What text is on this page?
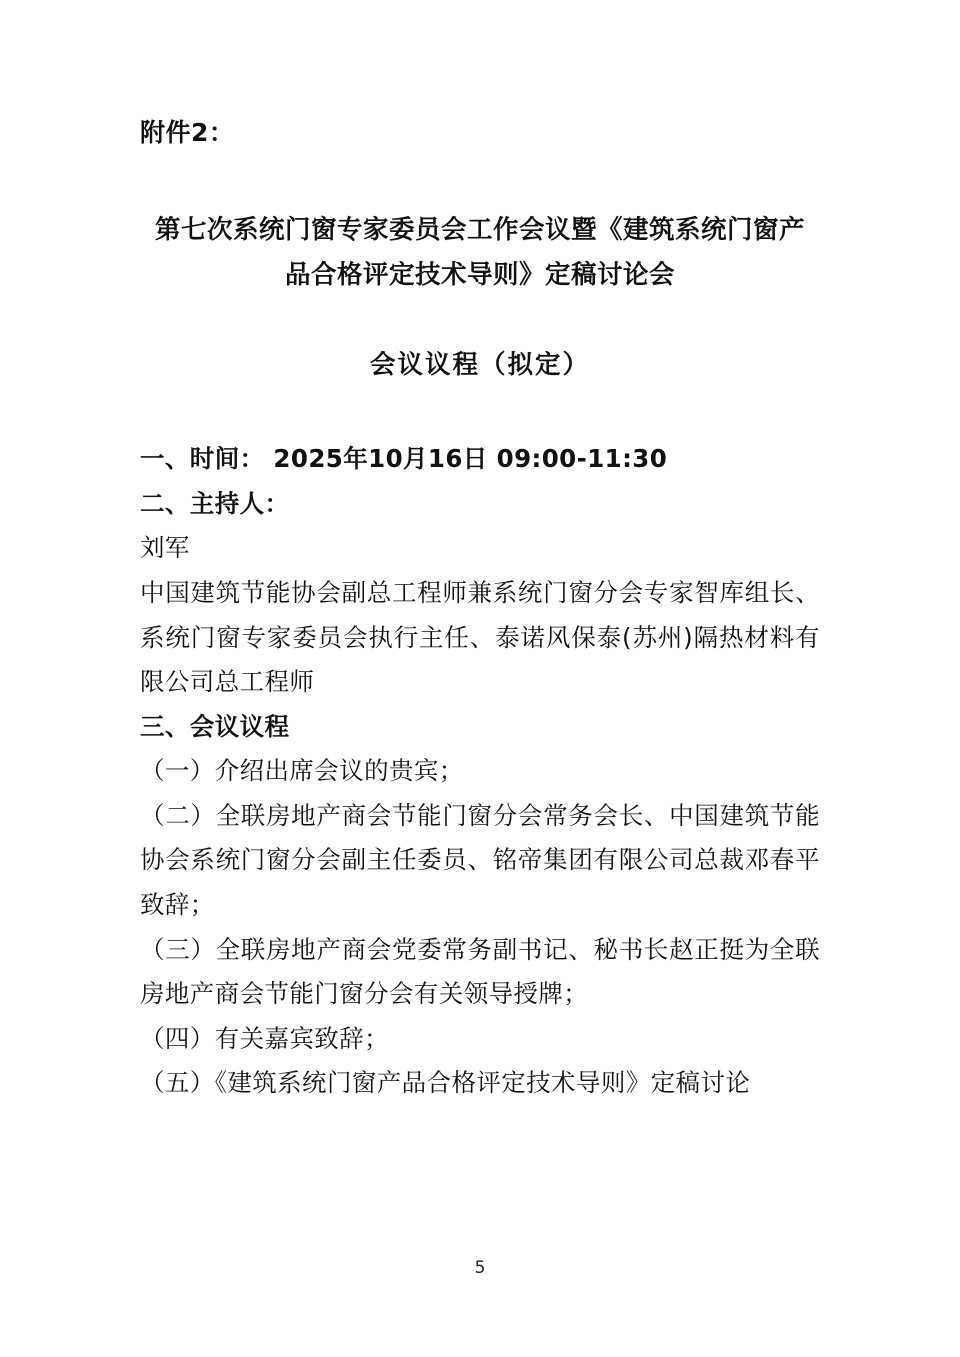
附件2：
第七次系统门窗专家委员会工作会议暨《建筑系统门窗产
品合格评定技术导则》定稿讨论会
会议议程（拟定）

一、时间： 2025年10月16日 09:00-11:30

二、主持人：

刘军

中国建筑节能协会副总工程师兼系统门窗分会专家智库组长、系统门窗专家委员会执行主任、泰诺风保泰(苏州)隔热材料有限公司总工程师

三、会议议程

（一）介绍出席会议的贵宾；

（二）全联房地产商会节能门窗分会常务会长、中国建筑节能协会系统门窗分会副主任委员、铭帝集团有限公司总裁邓春平致辞；

（三）全联房地产商会党委常务副书记、秘书长赵正挺为全联房地产商会节能门窗分会有关领导授牌；

（四）有关嘉宾致辞；

（五）《建筑系统门窗产品合格评定技术导则》定稿讨论

5
